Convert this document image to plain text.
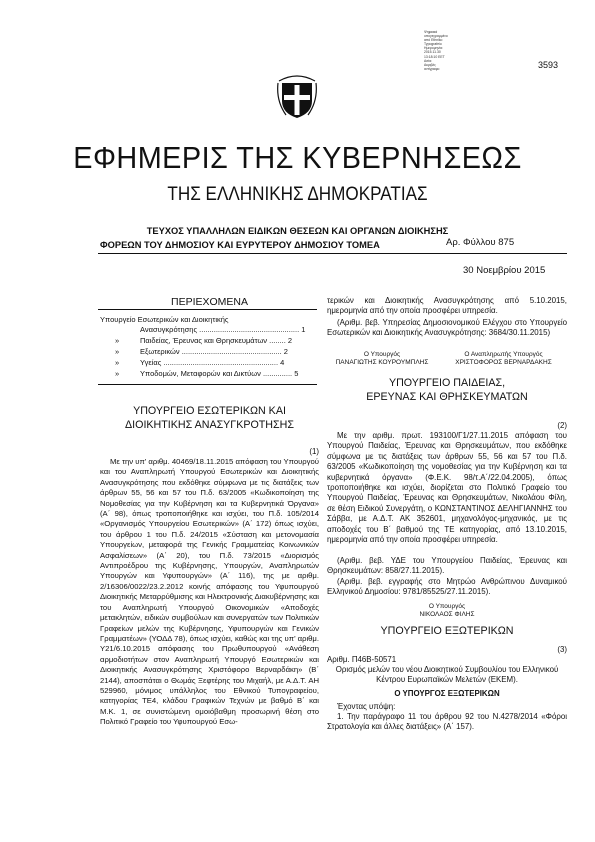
Ψηφιακά
υπογεγραμμένο
από Ethniko
Typografeio
Ημερομηνία:
2015.11.30
13:18:10 EET
Αιτία:
Ακριβές
αντίγραφο	3593
ΕΦΗΜΕΡΙΣ ΤΗΣ ΚΥΒΕΡΝΗΣΕΩΣ
ΤΗΣ ΕΛΛΗΝΙΚΗΣ ΔΗΜΟΚΡΑΤΙΑΣ
ΤΕΥΧΟΣ ΥΠΑΛΛΗΛΩΝ ΕΙΔΙΚΩΝ ΘΕΣΕΩΝ ΚΑΙ ΟΡΓΑΝΩΝ ΔΙΟΙΚΗΣΗΣ
ΦΟΡΕΩΝ ΤΟΥ ΔΗΜΟΣΙΟΥ ΚΑΙ ΕΥΡΥΤΕΡΟΥ ΔΗΜΟΣΙΟΥ ΤΟΜΕΑ	Αρ. Φύλλου 875
30 Νοεμβρίου 2015
ΠΕΡΙΕΧΟΜΕΝΑ
Υπουργείο Εσωτερικών και Διοικητικής
Ανασυγκρότησης ................................................ 1
»	Παιδείας, Έρευνας και Θρησκευμάτων ........ 2
»	Εξωτερικών ................................................ 2
»	Υγείας ....................................................... 4
»	Υποδομών, Μεταφορών και Δικτύων .............. 5
ΥΠΟΥΡΓΕΙΟ ΕΣΩΤΕΡΙΚΩΝ ΚΑΙ
ΔΙΟΙΚΗΤΙΚΗΣ ΑΝΑΣΥΓΚΡΟΤΗΣΗΣ
(1)
Με την υπ’ αριθμ. 40469/18.11.2015 απόφαση του Υπουργού και του Αναπληρωτή Υπουργού Εσωτερικών και Διοικητικής Ανασυγκρότησης που εκδόθηκε σύμφωνα με τις διατάξεις των άρθρων 55, 56 και 57 του Π.δ. 63/2005 «Κωδικοποίηση της Νομοθεσίας για την Κυβέρνηση και τα Κυβερνητικά Όργανα» (Α΄ 98), όπως τροποποιήθηκε και ισχύει, του Π.δ. 105/2014 «Οργανισμός Υπουργείου Εσωτερικών» (Α΄ 172) όπως ισχύει, του άρθρου 1 του Π.δ. 24/2015 «Σύσταση και μετονομασία Υπουργείων, μεταφορά της Γενικής Γραμματείας Κοινωνικών Ασφαλίσεων» (Α΄ 20), του Π.δ. 73/2015 «Διορισμός Αντιπροέδρου της Κυβέρνησης, Υπουργών, Αναπληρωτών Υπουργών και Υφυπουργών» (Α΄ 116), της με αριθμ. 2/16306/0022/23.2.2012 κοινής απόφασης του Υφυπουργού Διοικητικής Μεταρρύθμισης και Ηλεκτρονικής Διακυβέρνησης και του Αναπληρωτή Υπουργού Οικονομικών «Αποδοχές μετακλητών, ειδικών συμβούλων και συνεργατών των Πολιτικών Γραφείων μελών της Κυβέρνησης, Υφυπουργών και Γενικών Γραμματέων» (ΥΟΔΔ 78), όπως ισχύει, καθώς και της υπ’ αριθμ. Υ21/6.10.2015 απόφασης του Πρωθυπουργού «Ανάθεση αρμοδιοτήτων στον Αναπληρωτή Υπουργό Εσωτερικών και Διοικητικής Ανασυγκρότησης Χριστόφορο Βερναρδάκη» (Β΄ 2144), αποσπάται ο Θωμάς Ξεφτέρης του Μιχαήλ, με Α.Δ.Τ. ΑΗ 529960, μόνιμος υπάλληλος του Εθνικού Τυπογραφείου, κατηγορίας ΤΕ4, κλάδου Γραφικών Τεχνών με βαθμό Β΄ και Μ.Κ. 1, σε συνιστώμενη ομοιόβαθμη προσωρινή θέση στο Πολιτικό Γραφείο του Υφυπουργού Εσω-
τερικών και Διοικητικής Ανασυγκρότησης από 5.10.2015, ημερομηνία από την οποία προσφέρει υπηρεσία.
(Αριθμ. βεβ. Υπηρεσίας Δημοσιονομικού Ελέγχου στο Υπουργείο Εσωτερικών και Διοικητικής Ανασυγκρότησης: 3684/30.11.2015)
Ο Υπουργός
ΠΑΝΑΓΙΩΤΗΣ ΚΟΥΡΟΥΜΠΛΗΣ
Ο Αναπληρωτής Υπουργός
ΧΡΙΣΤΟΦΟΡΟΣ ΒΕΡΝΑΡΔΑΚΗΣ
ΥΠΟΥΡΓΕΙΟ ΠΑΙΔΕΙΑΣ,
ΕΡΕΥΝΑΣ ΚΑΙ ΘΡΗΣΚΕΥΜΑΤΩΝ
(2)
Με την αριθμ. πρωτ. 193100/Γ1/27.11.2015 απόφαση του Υπουργού Παιδείας, Έρευνας και Θρησκευμάτων, που εκδόθηκε σύμφωνα με τις διατάξεις των άρθρων 55, 56 και 57 του Π.δ. 63/2005 «Κωδικοποίηση της νομοθεσίας για την Κυβέρνηση και τα κυβερνητικά όργανα» (Φ.Ε.Κ. 98/τ.Α΄/22.04.2005), όπως τροποποιήθηκε και ισχύει, διορίζεται στο Πολιτικό Γραφείο του Υπουργού Παιδείας, Έρευνας και Θρησκευμάτων, Νικολάου Φίλη, σε θέση Ειδικού Συνεργάτη, ο ΚΩΝΣΤΑΝΤΙΝΟΣ ΔΕΛΗΓΙΑΝΝΗΣ του Σάββα, με Α.Δ.Τ. ΑΚ 352601, μηχανολόγος-μηχανικός, με τις αποδοχές του Β΄ βαθμού της ΤΕ κατηγορίας, από 13.10.2015, ημερομηνία από την οποία προσφέρει υπηρεσία.
(Αριθμ. βεβ. ΥΔΕ του Υπουργείου Παιδείας, Έρευνας και Θρησκευμάτων: 858/27.11.2015).
(Αριθμ. βεβ. εγγραφής στο Μητρώο Ανθρώπινου Δυναμικού Ελληνικού Δημοσίου: 9781/85525/27.11.2015).
Ο Υπουργός
ΝΙΚΟΛΑΟΣ ΦΙΛΗΣ
ΥΠΟΥΡΓΕΙΟ ΕΞΩΤΕΡΙΚΩΝ
(3)
Αριθμ. Π46Β-50571
Ορισμός μελών του νέου Διοικητικού Συμβουλίου του Ελληνικού Κέντρου Ευρωπαϊκών Μελετών (ΕΚΕΜ).
Ο ΥΠΟΥΡΓΟΣ ΕΞΩΤΕΡΙΚΩΝ
Έχοντας υπόψη:
1. Την παράγραφο 11 του άρθρου 92 του Ν.4278/2014 «Φόροι Στρατολογία και άλλες διατάξεις» (Α΄ 157).
